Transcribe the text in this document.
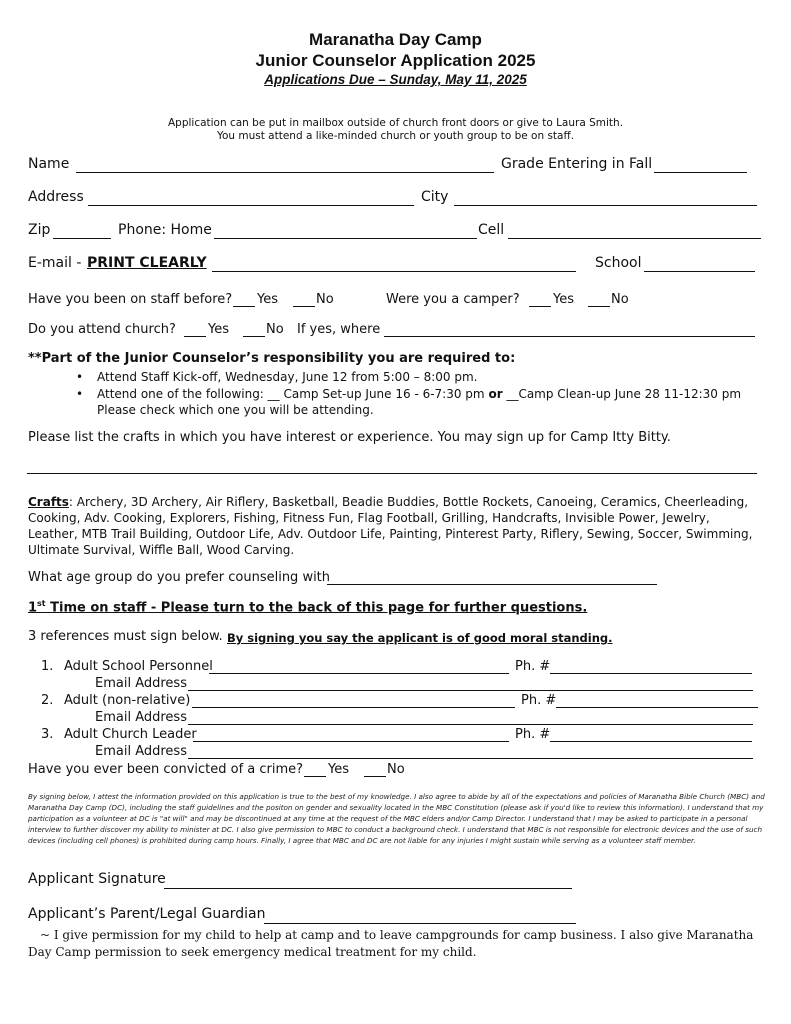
Maranatha Day Camp
Junior Counselor Application 2025
Applications Due – Sunday, May 11, 2025
Application can be put in mailbox outside of church front doors or give to Laura Smith.
You must attend a like-minded church or youth group to be on staff.
Name	Grade Entering in Fall
Address	City
Zip	Phone: Home	Cell
E-mail - PRINT CLEARLY	School
Have you been on staff before? Yes	No	Were you a camper?	Yes	No
Do you attend church? Yes	No If yes, where
**Part of the Junior Counselor’s responsibility you are required to:
• Attend Staff Kick-off, Wednesday, June 12 from 5:00 – 8:00 pm.
• Attend one of the following: __ Camp Set-up June 16 - 6-7:30 pm or __Camp Clean-up June 28 11-12:30 pm
Please check which one you will be attending.
Please list the crafts in which you have interest or experience. You may sign up for Camp Itty Bitty.
Crafts: Archery, 3D Archery, Air Riflery, Basketball, Beadie Buddies, Bottle Rockets, Canoeing, Ceramics, Cheerleading, Cooking, Adv. Cooking, Explorers, Fishing, Fitness Fun, Flag Football, Grilling, Handcrafts, Invisible Power, Jewelry, Leather, MTB Trail Building, Outdoor Life, Adv. Outdoor Life, Painting, Pinterest Party, Riflery, Sewing, Soccer, Swimming, Ultimate Survival, Wiffle Ball, Wood Carving.
What age group do you prefer counseling with
1st Time on staff - Please turn to the back of this page for further questions.
3 references must sign below. By signing you say the applicant is of good moral standing.
1. Adult School Personnel	Ph. #
Email Address
2. Adult (non-relative)	Ph. #
Email Address
3. Adult Church Leader	Ph. #
Email Address
Have you ever been convicted of a crime? Yes	No
By signing below, I attest the information provided on this application is true to the best of my knowledge. I also agree to abide by all of the expectations and policies of Maranatha Bible Church (MBC) and Maranatha Day Camp (DC), including the staff guidelines and the positon on gender and sexuality located in the MBC Constitution (please ask if you'd like to review this information). I understand that my participation as a volunteer at DC is "at will" and may be discontinued at any time at the request of the MBC elders and/or Camp Director. I understand that I may be asked to participate in a personal interview to further discover my ability to minister at DC. I also give permission to MBC to conduct a background check. I understand that MBC is not responsible for electronic devices and the use of such devices (including cell phones) is prohibited during camp hours. Finally, I agree that MBC and DC are not liable for any injuries I might sustain while serving as a volunteer staff member.
Applicant Signature
Applicant’s Parent/Legal Guardian
~ I give permission for my child to help at camp and to leave campgrounds for camp business. I also give Maranatha Day Camp permission to seek emergency medical treatment for my child.
